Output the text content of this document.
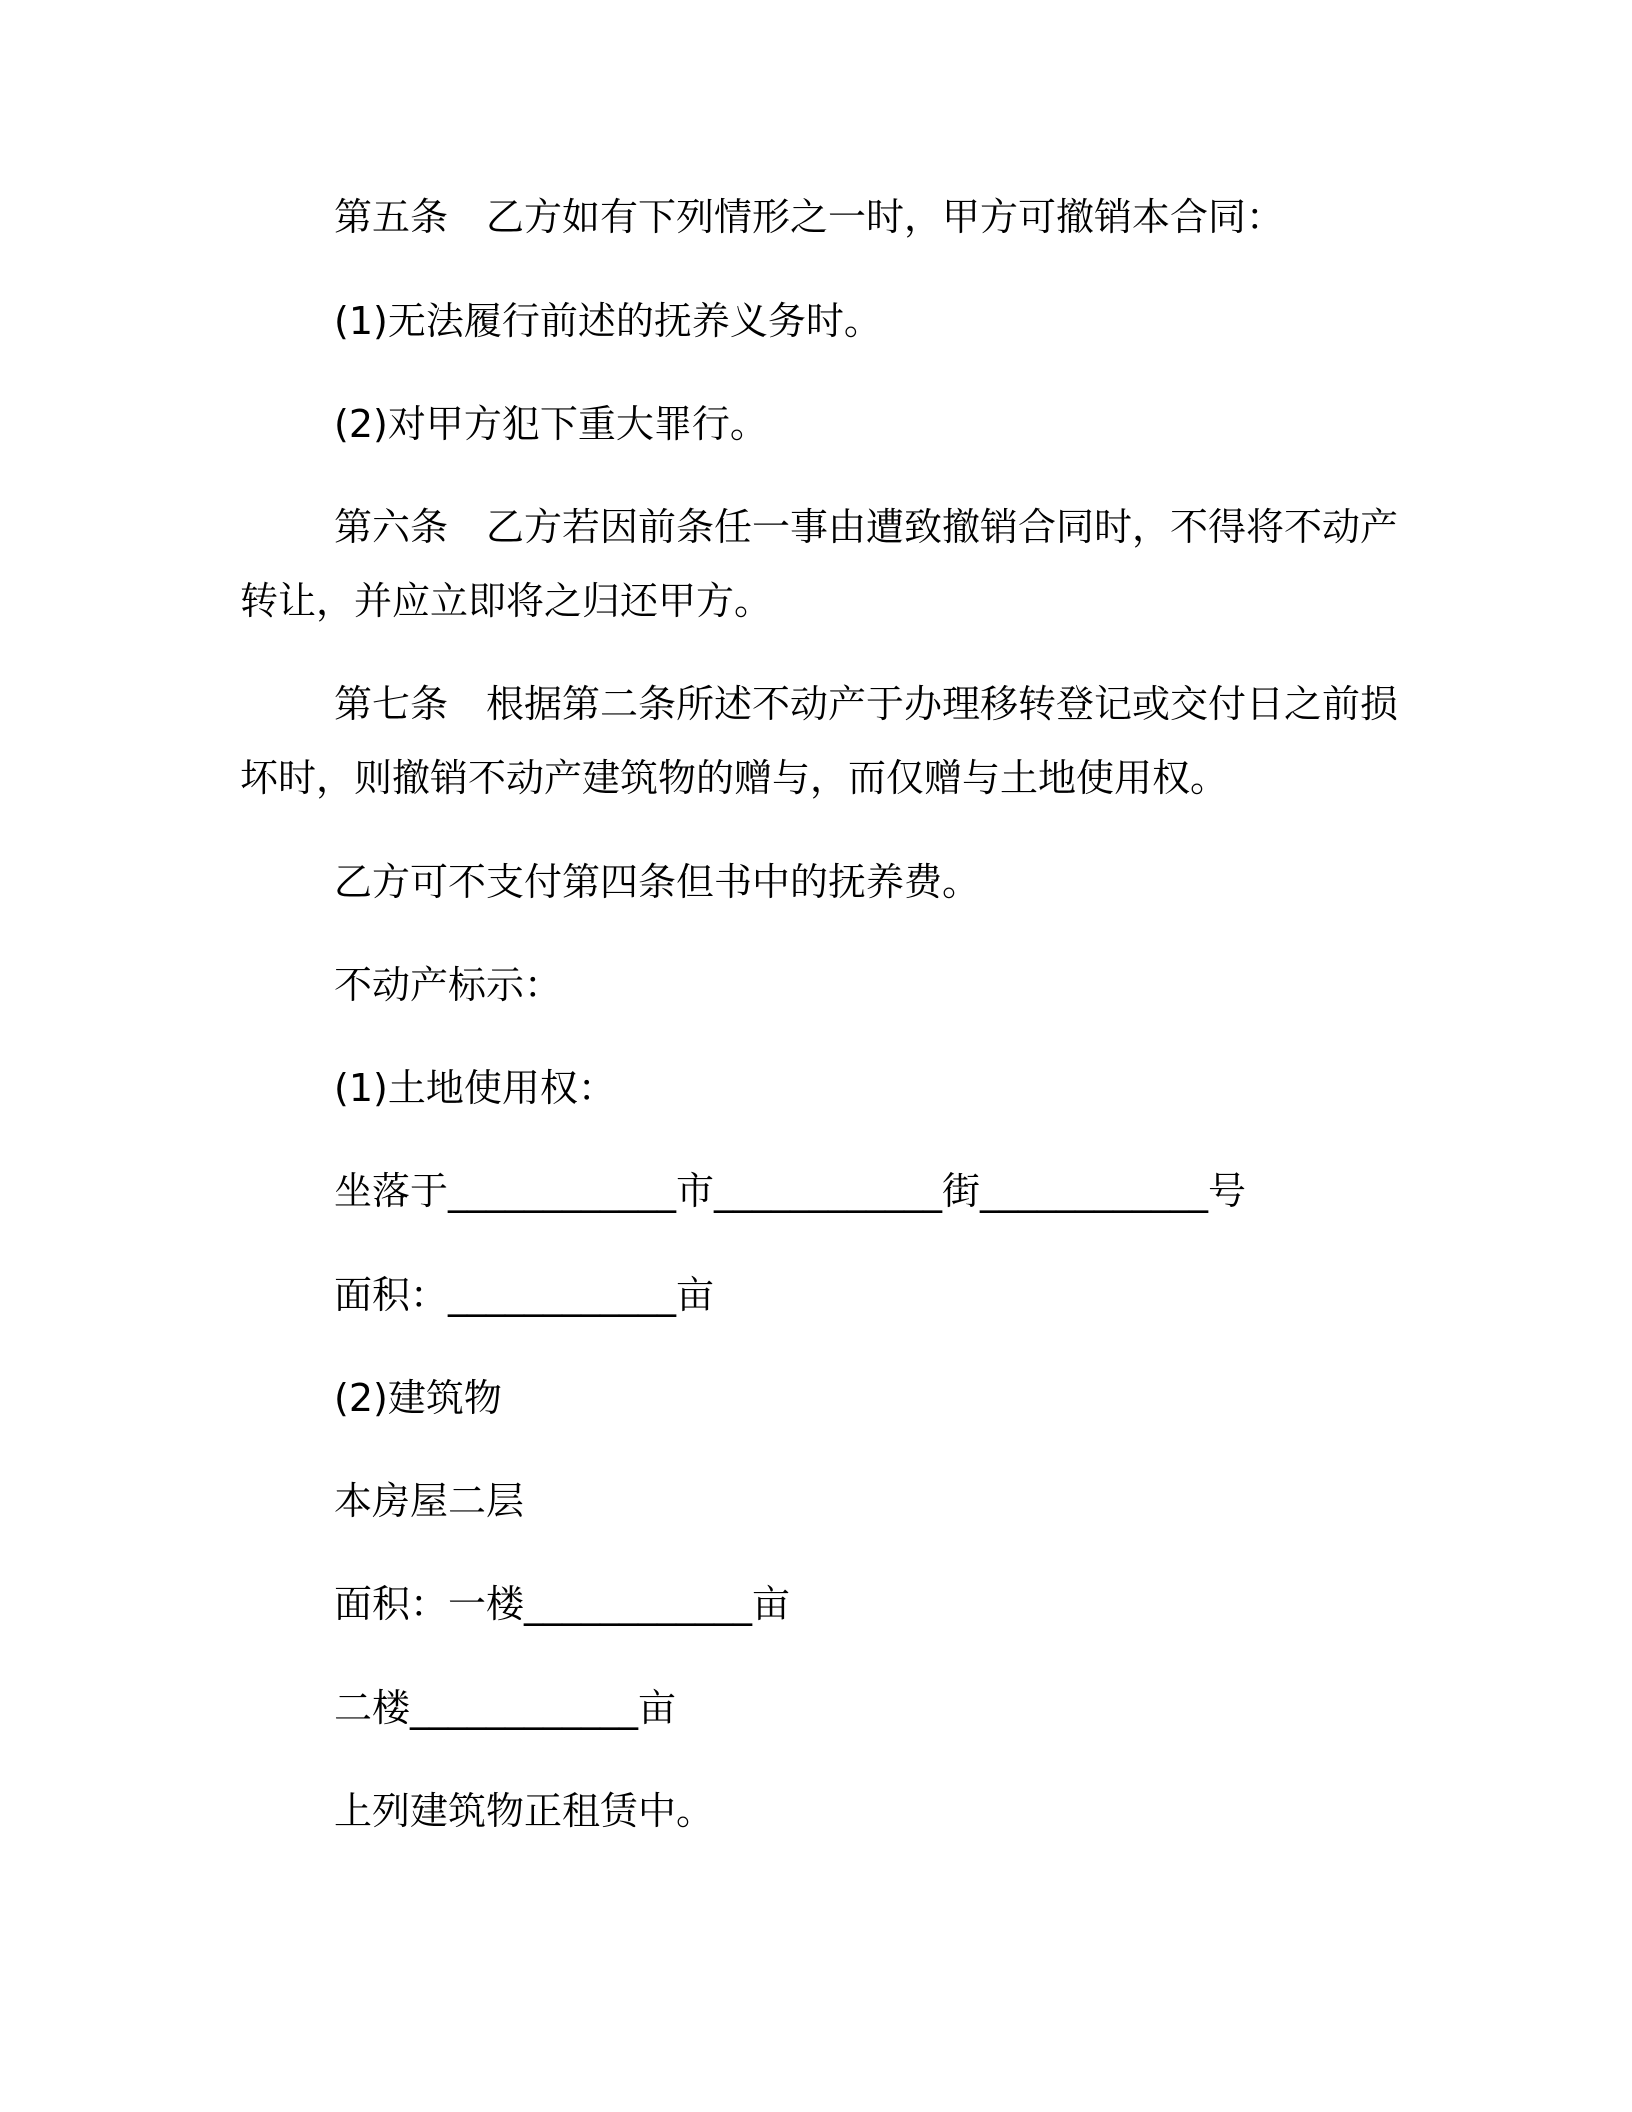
第五条 乙方如有下列情形之一时，甲方可撤销本合同：
(1)无法履行前述的抚养义务时。
(2)对甲方犯下重大罪行。
第六条 乙方若因前条任一事由遭致撤销合同时，不得将不动产
转让，并应立即将之归还甲方。
第七条 根据第二条所述不动产于办理移转登记或交付日之前损
坏时，则撤销不动产建筑物的赠与，而仅赠与土地使用权。
乙方可不支付第四条但书中的抚养费。
不动产标示：
(1)土地使用权：
坐落于____________市____________街____________号
面积：____________亩
(2)建筑物
本房屋二层
面积：一楼____________亩
二楼____________亩
上列建筑物正租赁中。
